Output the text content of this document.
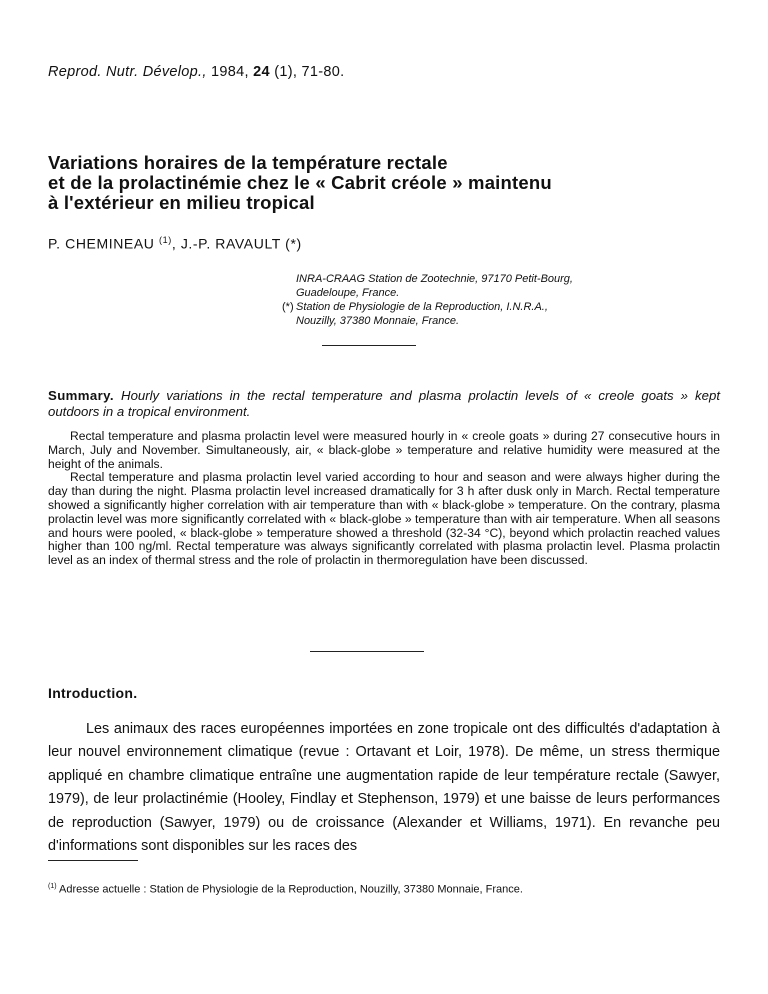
Reprod. Nutr. Dévelop., 1984, 24 (1), 71-80.
Variations horaires de la température rectale
et de la prolactinémie chez le « Cabrit créole » maintenu
à l'extérieur en milieu tropical
P. CHEMINEAU $^{(1)}$, J.-P. RAVAULT (*)
INRA-CRAAG Station de Zootechnie, 97170 Petit-Bourg,
Guadeloupe, France.
(*) Station de Physiologie de la Reproduction, I.N.R.A.,
Nouzilly, 37380 Monnaie, France.
Summary. Hourly variations in the rectal temperature and plasma prolactin levels of « creole goats » kept outdoors in a tropical environment.

Rectal temperature and plasma prolactin level were measured hourly in « creole goats » during 27 consecutive hours in March, July and November. Simultaneously, air, « black-globe » temperature and relative humidity were measured at the height of the animals.

Rectal temperature and plasma prolactin level varied according to hour and season and were always higher during the day than during the night. Plasma prolactin level increased dramatically for 3 h after dusk only in March. Rectal temperature showed a significantly higher correlation with air temperature than with « black-globe » temperature. On the contrary, plasma prolactin level was more significantly correlated with « black-globe » temperature than with air temperature. When all seasons and hours were pooled, « black-globe » temperature showed a threshold (32-34 °C), beyond which prolactin reached values higher than 100 ng/ml. Rectal temperature was always significantly correlated with plasma prolactin level. Plasma prolactin level as an index of thermal stress and the role of prolactin in thermoregulation have been discussed.

Introduction.

Les animaux des races européennes importées en zone tropicale ont des difficultés d'adaptation à leur nouvel environnement climatique (revue : Ortavant et Loir, 1978). De même, un stress thermique appliqué en chambre climatique entraîne une augmentation rapide de leur température rectale (Sawyer, 1979), de leur prolactinémie (Hooley, Findlay et Stephenson, 1979) et une baisse de leurs performances de reproduction (Sawyer, 1979) ou de croissance (Alexander et Williams, 1971). En revanche peu d'informations sont disponibles sur les races des

$^{(1)}$ Adresse actuelle : Station de Physiologie de la Reproduction, Nouzilly, 37380 Monnaie, France.
